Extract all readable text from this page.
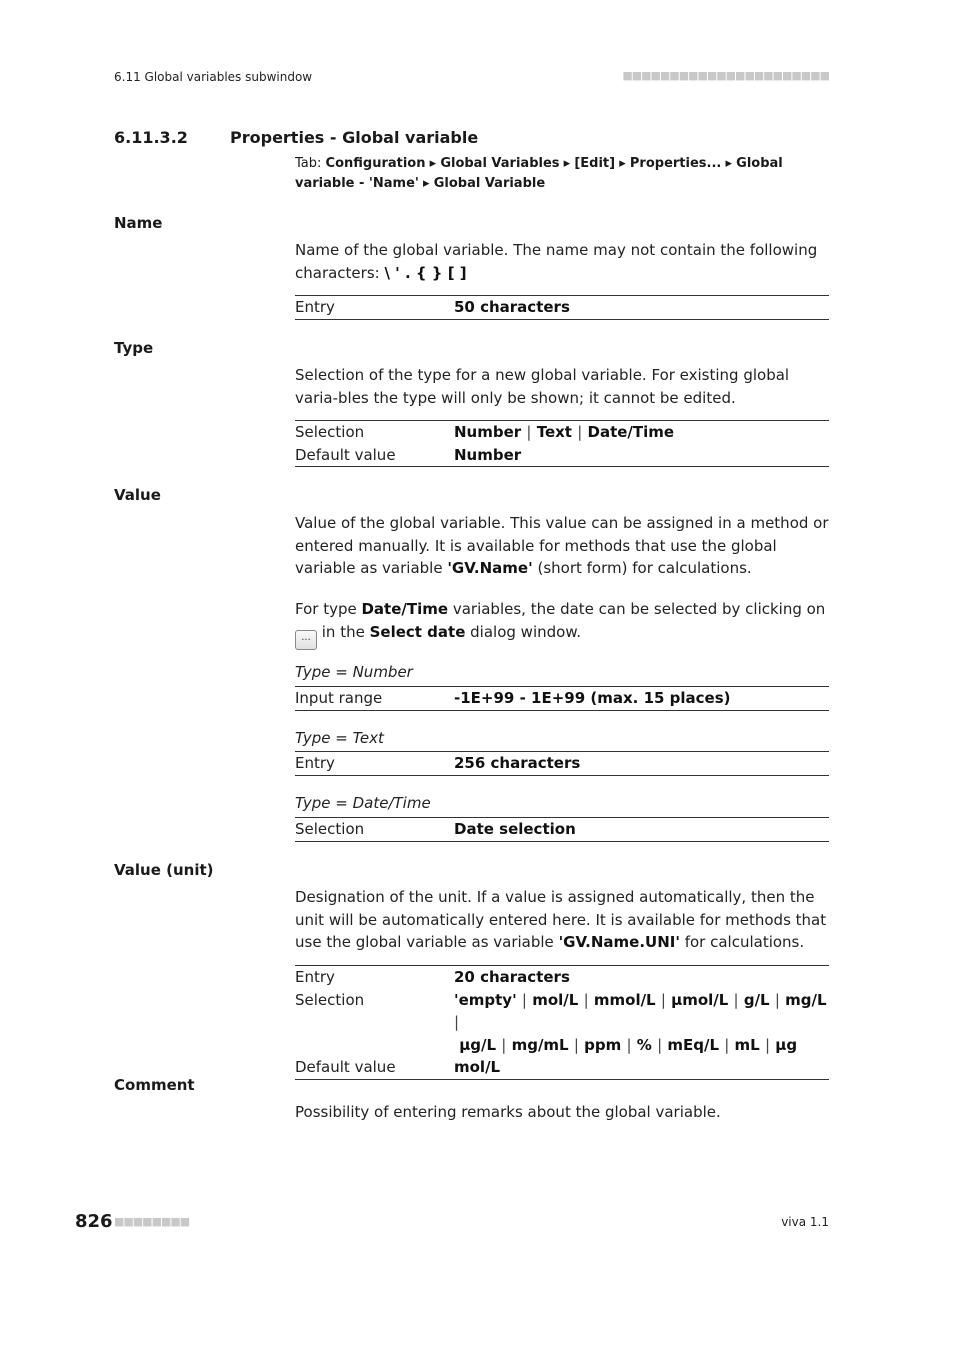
6.11 Global variables subwindow	■■■■■■■■■■■■■■■■■■■■■■
6.11.3.2	Properties - Global variable
Tab: Configuration ▸ Global Variables ▸ [Edit] ▸ Properties... ▸ Global variable - 'Name' ▸ Global Variable
Name
Name of the global variable. The name may not contain the following characters: \ ' . { } [ ]
Entry	50 characters
Type
Selection of the type for a new global variable. For existing global varia-bles the type will only be shown; it cannot be edited.
Selection	Number | Text | Date/Time
Default value	Number
Value
Value of the global variable. This value can be assigned in a method or entered manually. It is available for methods that use the global variable as variable 'GV.Name' (short form) for calculations.
For type Date/Time variables, the date can be selected by clicking on ... in the Select date dialog window.
Type = Number
Input range	-1E+99 - 1E+99 (max. 15 places)
Type = Text
Entry	256 characters
Type = Date/Time
Selection	Date selection
Value (unit)
Designation of the unit. If a value is assigned automatically, then the unit will be automatically entered here. It is available for methods that use the global variable as variable 'GV.Name.UNI' for calculations.
Entry	20 characters
Selection	'empty' | mol/L | mmol/L | µmol/L | g/L | mg/L |
µg/L | mg/mL | ppm | % | mEq/L | mL | µg
Default value	mol/L
Comment
Possibility of entering remarks about the global variable.
826 ■■■■■■■■	viva 1.1
